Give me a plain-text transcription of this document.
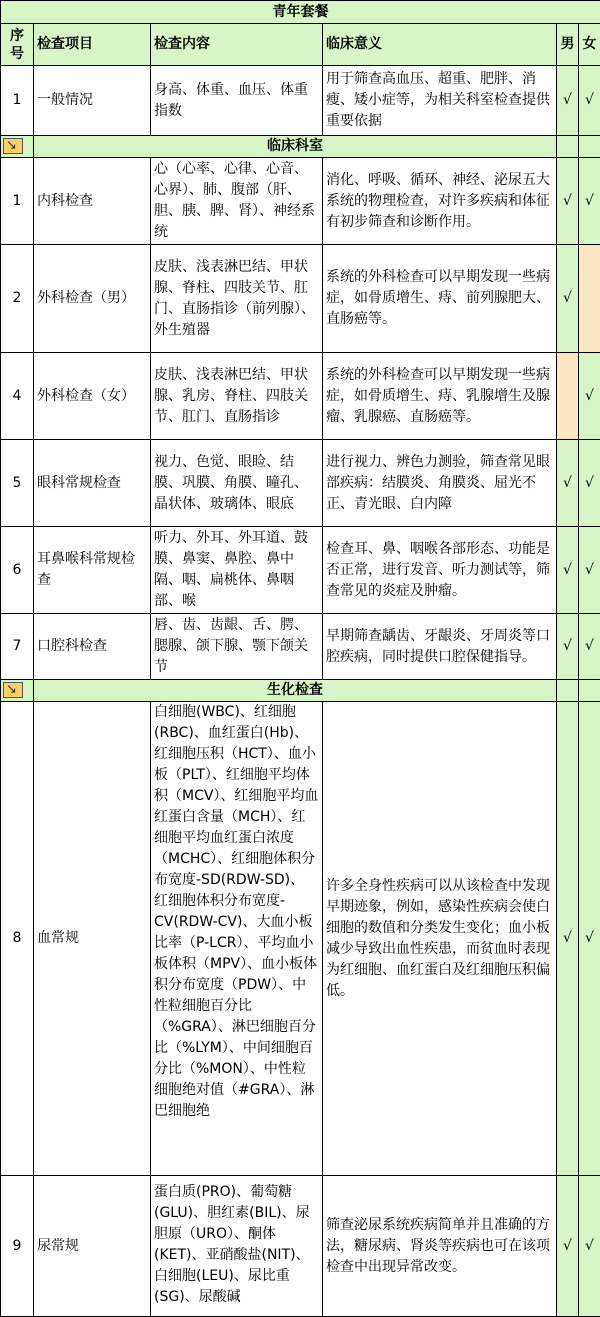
青年套餐					
序号	检查项目	检查内容	临床意义	男	女
1	一般情况	身高、体重、血压、体重指数	用于筛查高血压、超重、肥胖、消瘦、矮小症等，为相关科室检查提供重要依据	√	√
↘	临床科室				
1	内科检查	心（心率、心律、心音、心界）、肺、腹部（肝、胆、胰、脾、肾）、神经系统	消化、呼吸、循环、神经、泌尿五大系统的物理检查，对许多疾病和体征有初步筛查和诊断作用。	√	√
2	外科检查（男）	皮肤、浅表淋巴结、甲状腺、脊柱、四肢关节、肛门、直肠指诊（前列腺）、外生殖器	系统的外科检查可以早期发现一些病症，如骨质增生、痔、前列腺肥大、直肠癌等。	√	
4	外科检查（女）	皮肤、浅表淋巴结、甲状腺、乳房、脊柱、四肢关节、肛门、直肠指诊	系统的外科检查可以早期发现一些病症，如骨质增生、痔、乳腺增生及腺瘤、乳腺癌、直肠癌等。		√
5	眼科常规检查	视力、色觉、眼睑、结膜、巩膜、角膜、瞳孔、晶状体、玻璃体、眼底	进行视力、辨色力测验，筛查常见眼部疾病：结膜炎、角膜炎、屈光不正、青光眼、白内障	√	√
6	耳鼻喉科常规检查	听力、外耳、外耳道、鼓膜、鼻窦、鼻腔、鼻中隔、咽、扁桃体、鼻咽部、喉	检查耳、鼻、咽喉各部形态、功能是否正常，进行发音、听力测试等，筛查常见的炎症及肿瘤。	√	√
7	口腔科检查	唇、齿、齿龈、舌、腭、腮腺、颌下腺、颚下颌关节	早期筛查龋齿、牙龈炎、牙周炎等口腔疾病，同时提供口腔保健指导。	√	√
↘	生化检查				
8	血常规	白细胞(WBC)、红细胞(RBC)、血红蛋白(Hb)、红细胞压积（HCT）、血小板（PLT）、红细胞平均体积（MCV）、红细胞平均血红蛋白含量（MCH）、红细胞平均血红蛋白浓度（MCHC）、红细胞体积分布宽度-SD(RDW-SD)、 红细胞体积分布宽度-CV(RDW-CV)、大血小板比率（P-LCR）、平均血小板体积（MPV）、血小板体积分布宽度（PDW）、中性粒细胞百分比（%GRA）、淋巴细胞百分比（%LYM）、中间细胞百分比（%MON）、中性粒细胞绝对值（#GRA）、淋巴细胞绝	许多全身性疾病可以从该检查中发现早期迹象，例如，感染性疾病会使白细胞的数值和分类发生变化；血小板减少导致出血性疾患，而贫血时表现为红细胞、血红蛋白及红细胞压积偏低。	√	√
9	尿常规	蛋白质(PRO)、葡萄糖(GLU)、胆红素(BIL)、尿胆原（URO）、酮体(KET)、亚硝酸盐(NIT)、白细胞(LEU)、尿比重(SG)、尿酸碱	筛查泌尿系统疾病简单并且准确的方法，糖尿病、肾炎等疾病也可在该项检查中出现异常改变。	√	√
